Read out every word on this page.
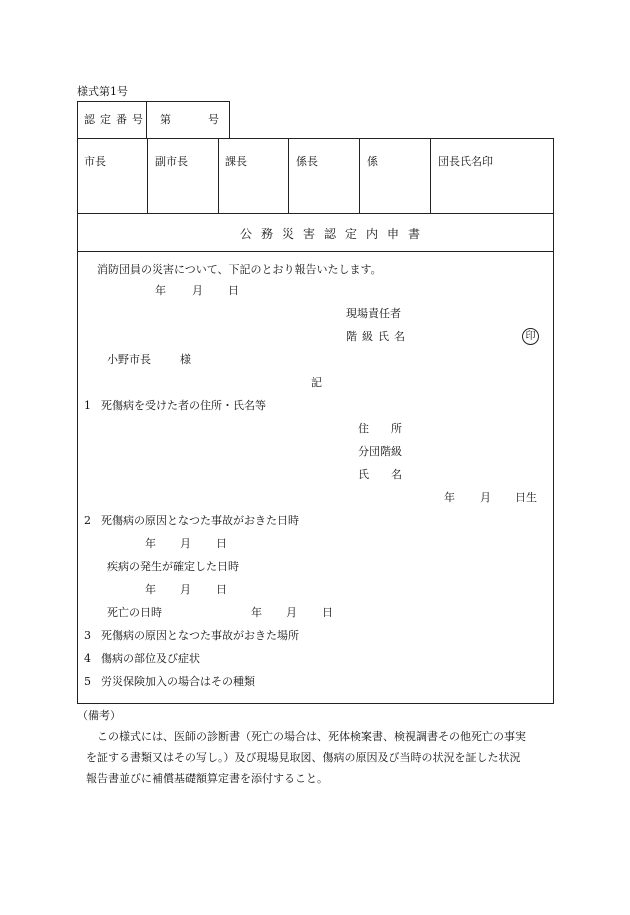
様式第1号
認定番号 第	号
市長	副市長	課長	係長	係	団長氏名印
公務災害認定内申書
消防団員の災害について、下記のとおり報告いたします。
年 月 日
現場責任者
階級氏名	印
小野市長	様
記
1 死傷病を受けた者の住所・氏名等
住　　所
分団階級
氏　　名
年 月 日生
2 死傷病の原因となつた事故がおきた日時
年 月 日
疾病の発生が確定した日時
年 月 日
死亡の日時	年 月 日
3 死傷病の原因となつた事故がおきた場所
4 傷病の部位及び症状
5 労災保険加入の場合はその種類
（備考）
この様式には、医師の診断書（死亡の場合は、死体検案書、検視調書その他死亡の事実
を証する書類又はその写し。）及び現場見取図、傷病の原因及び当時の状況を証した状況
報告書並びに補償基礎額算定書を添付すること。
